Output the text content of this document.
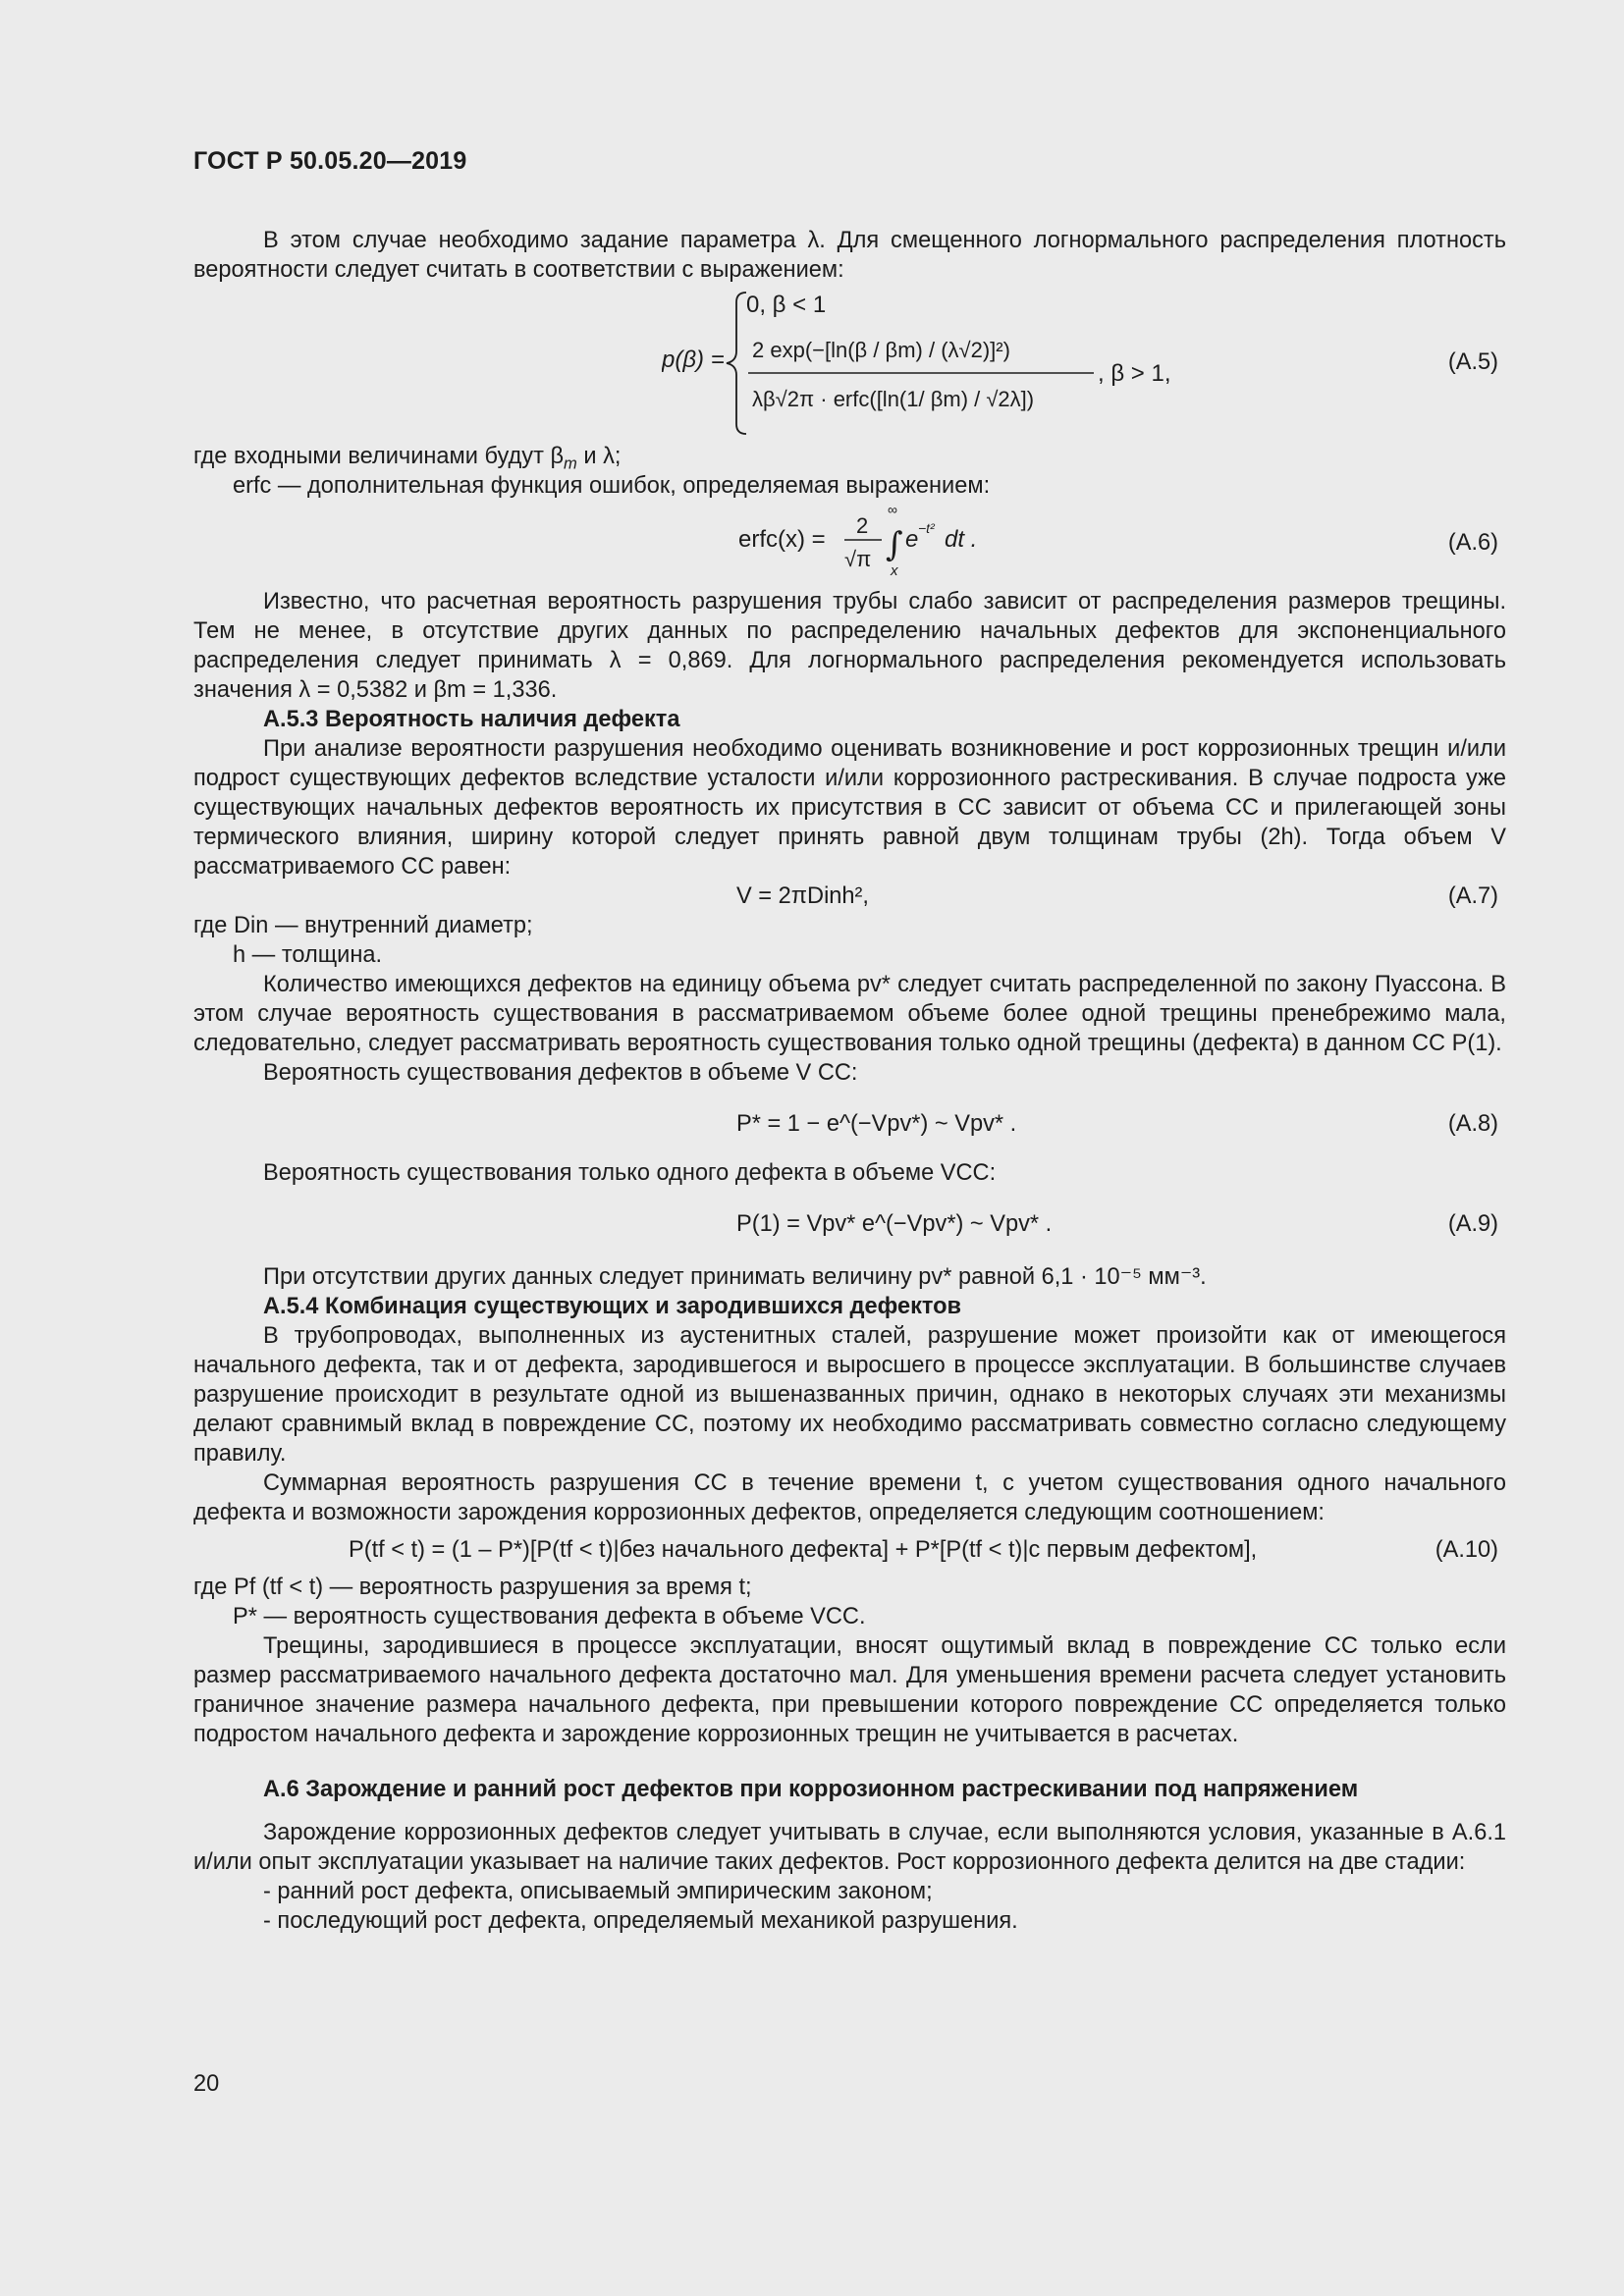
ГОСТ Р 50.05.20—2019

В этом случае необходимо задание параметра λ. Для смещенного логнормального распределения плотность вероятности следует считать в соответствии с выражением:

p(β) =
0, β < 1
2 exp(−[ln(β / βm) / (λ√2)]²)
λβ√2π · erfc([ln(1/ βm) / √2λ])
, β > 1,	(A.5)

где входными величинами будут $\beta_m$ и λ;

erfc — дополнительная функция ошибок, определяемая выражением:

erfc(x) =
2
√π
∞
∫
x
e −t² dt .	(A.6)

Известно, что расчетная вероятность разрушения трубы слабо зависит от распределения размеров трещины. Тем не менее, в отсутствие других данных по распределению начальных дефектов для экспоненциального распределения следует принимать λ = 0,869. Для логнормального распределения рекомендуется использовать значения λ = 0,5382 и βm = 1,336.

А.5.3 Вероятность наличия дефекта

При анализе вероятности разрушения необходимо оценивать возникновение и рост коррозионных трещин и/или подрост существующих дефектов вследствие усталости и/или коррозионного растрескивания. В случае подроста уже существующих начальных дефектов вероятность их присутствия в СС зависит от объема СС и прилегающей зоны термического влияния, ширину которой следует принять равной двум толщинам трубы (2h). Тогда объем V рассматриваемого СС равен:

V = 2πDinh²,	(A.7)

где Din — внутренний диаметр;

h — толщина.

Количество имеющихся дефектов на единицу объема pv* следует считать распределенной по закону Пуассона. В этом случае вероятность существования в рассматриваемом объеме более одной трещины пренебрежимо мала, следовательно, следует рассматривать вероятность существования только одной трещины (дефекта) в данном СС P(1).

Вероятность существования дефектов в объеме V СС:

P* = 1 − e^(−Vpv*) ~ Vpv* .	(A.8)

Вероятность существования только одного дефекта в объеме VСС:

P(1) = Vpv* e^(−Vpv*) ~ Vpv* .	(A.9)

При отсутствии других данных следует принимать величину pv* равной 6,1 · 10⁻⁵ мм⁻³.

А.5.4 Комбинация существующих и зародившихся дефектов

В трубопроводах, выполненных из аустенитных сталей, разрушение может произойти как от имеющегося начального дефекта, так и от дефекта, зародившегося и выросшего в процессе эксплуатации. В большинстве случаев разрушение происходит в результате одной из вышеназванных причин, однако в некоторых случаях эти механизмы делают сравнимый вклад в повреждение СС, поэтому их необходимо рассматривать совместно согласно следующему правилу.

Суммарная вероятность разрушения СС в течение времени t, с учетом существования одного начального дефекта и возможности зарождения коррозионных дефектов, определяется следующим соотношением:

P(tf < t) = (1 – P*)[P(tf < t)|без начального дефекта] + P*[P(tf < t)|с первым дефектом],	(A.10)

где Pf (tf < t) — вероятность разрушения за время t;

P* — вероятность существования дефекта в объеме VСС.

Трещины, зародившиеся в процессе эксплуатации, вносят ощутимый вклад в повреждение СС только если размер рассматриваемого начального дефекта достаточно мал. Для уменьшения времени расчета следует установить граничное значение размера начального дефекта, при превышении которого повреждение СС определяется только подростом начального дефекта и зарождение коррозионных трещин не учитывается в расчетах.

А.6 Зарождение и ранний рост дефектов при коррозионном растрескивании под напряжением

Зарождение коррозионных дефектов следует учитывать в случае, если выполняются условия, указанные в А.6.1 и/или опыт эксплуатации указывает на наличие таких дефектов. Рост коррозионного дефекта делится на две стадии:

- ранний рост дефекта, описываемый эмпирическим законом;

- последующий рост дефекта, определяемый механикой разрушения.

20
